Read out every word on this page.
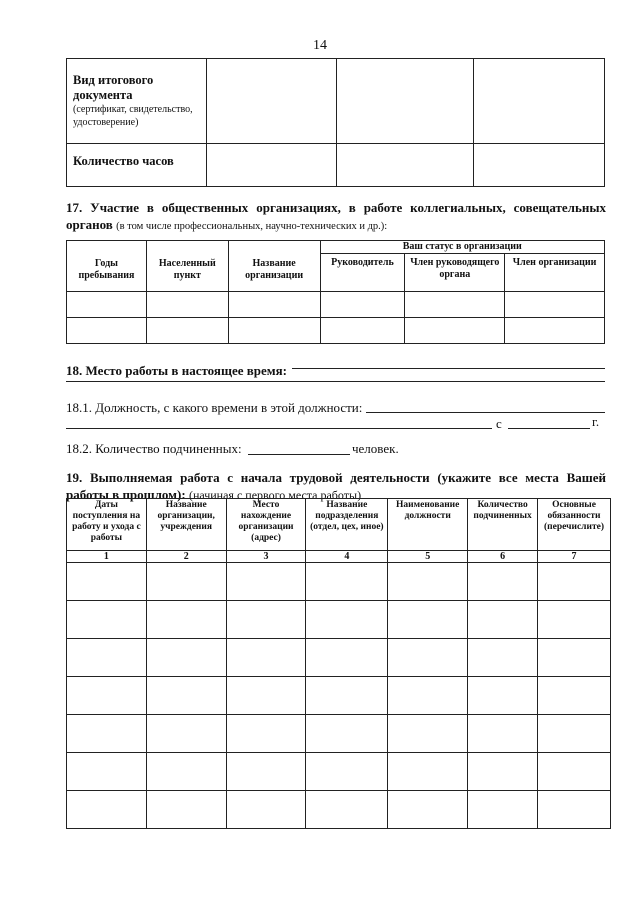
14
Вид итогового документа
(сертификат, свидетельство, удостоверение)			

Количество часов			
17. Участие в общественных организациях, в работе коллегиальных, совещательных органов (в том числе профессиональных, научно-технических и др.):
Годы пребывания	Населенный пункт	Название организации	Ваш статус в организации		
			Руководитель	Член руководящего органа	Член организации

18. Место работы в настоящее время:
18.1. Должность, с какого времени в этой должности:
с	г.
18.2. Количество подчиненных:	человек.
19. Выполняемая работа с начала трудовой деятельности (укажите все места Вашей работы в прошлом): (начиная с первого места работы)
Даты поступления на работу и ухода с работы	Название организации, учреждения	Место нахождение организации (адрес)	Название подразделения (отдел, цех, иное)	Наименование должности	Количество подчиненных	Основные обязанности (перечислите)
1	2	3	4	5	6	7
